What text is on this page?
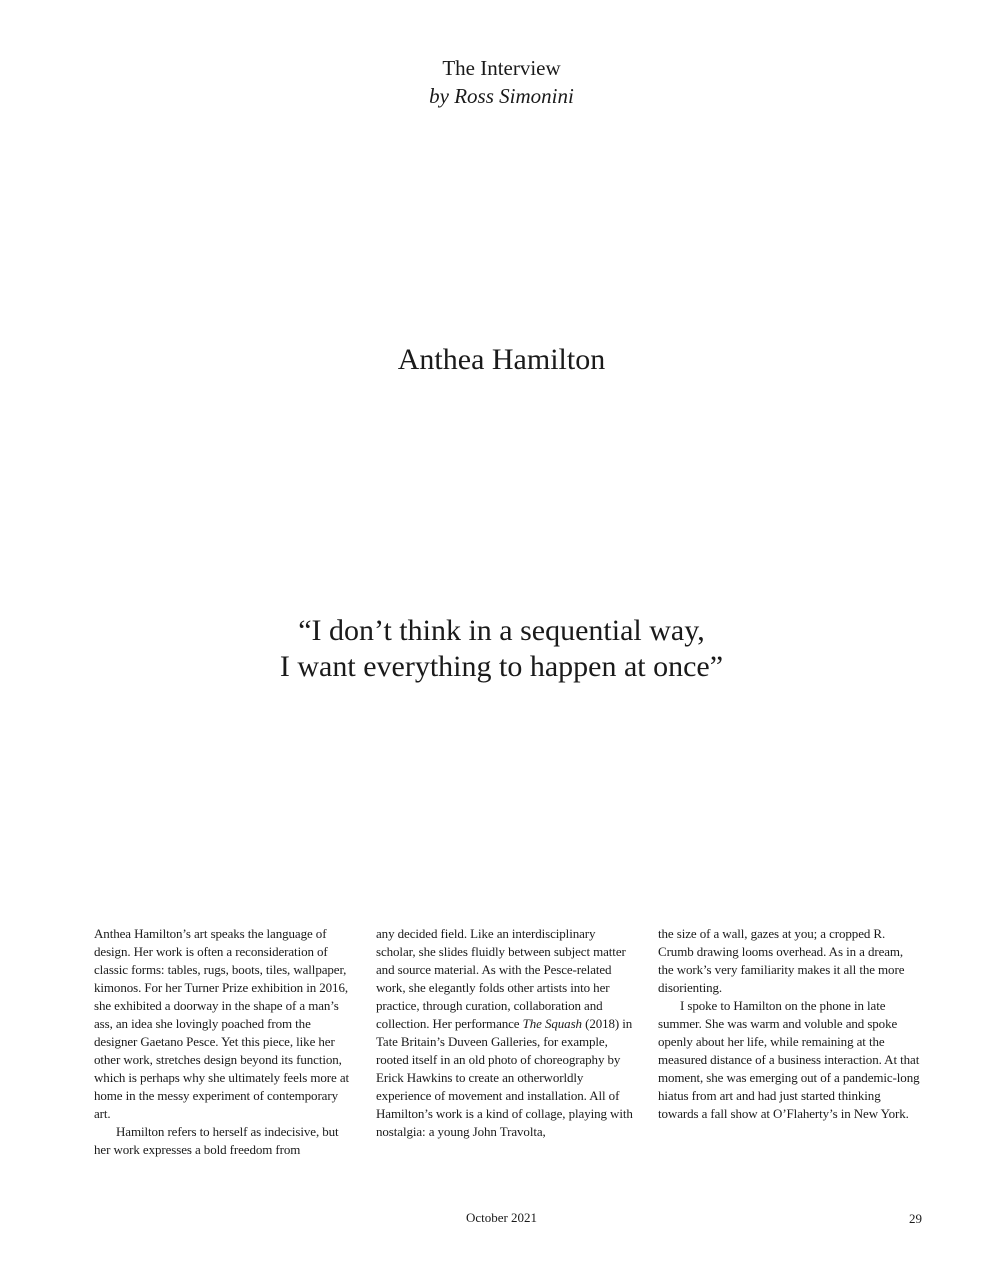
The Interview
by Ross Simonini
Anthea Hamilton
“I don’t think in a sequential way,
I want everything to happen at once”

Anthea Hamilton’s art speaks the language of design. Her work is often a reconsideration of classic forms: tables, rugs, boots, tiles, wallpaper, kimonos. For her Turner Prize exhibition in 2016, she exhibited a doorway in the shape of a man’s ass, an idea she lovingly poached from the designer Gaetano Pesce. Yet this piece, like her other work, stretches design beyond its function, which is perhaps why she ultimately feels more at home in the messy experiment of contemporary art.

Hamilton refers to herself as indecisive, but her work expresses a bold freedom from

any decided field. Like an interdisciplinary scholar, she slides fluidly between subject matter and source material. As with the Pesce-related work, she elegantly folds other artists into her practice, through curation, collaboration and collection. Her performance The Squash (2018) in Tate Britain’s Duveen Galleries, for example, rooted itself in an old photo of choreography by Erick Hawkins to create an otherworldly experience of movement and installation. All of Hamilton’s work is a kind of collage, playing with nostalgia: a young John Travolta,

the size of a wall, gazes at you; a cropped R. Crumb drawing looms overhead. As in a dream, the work’s very familiarity makes it all the more disorienting.

I spoke to Hamilton on the phone in late summer. She was warm and voluble and spoke openly about her life, while remaining at the measured distance of a business interaction. At that moment, she was emerging out of a pandemic-long hiatus from art and had just started thinking towards a fall show at O’Flaherty’s in New York.

October 2021	29
